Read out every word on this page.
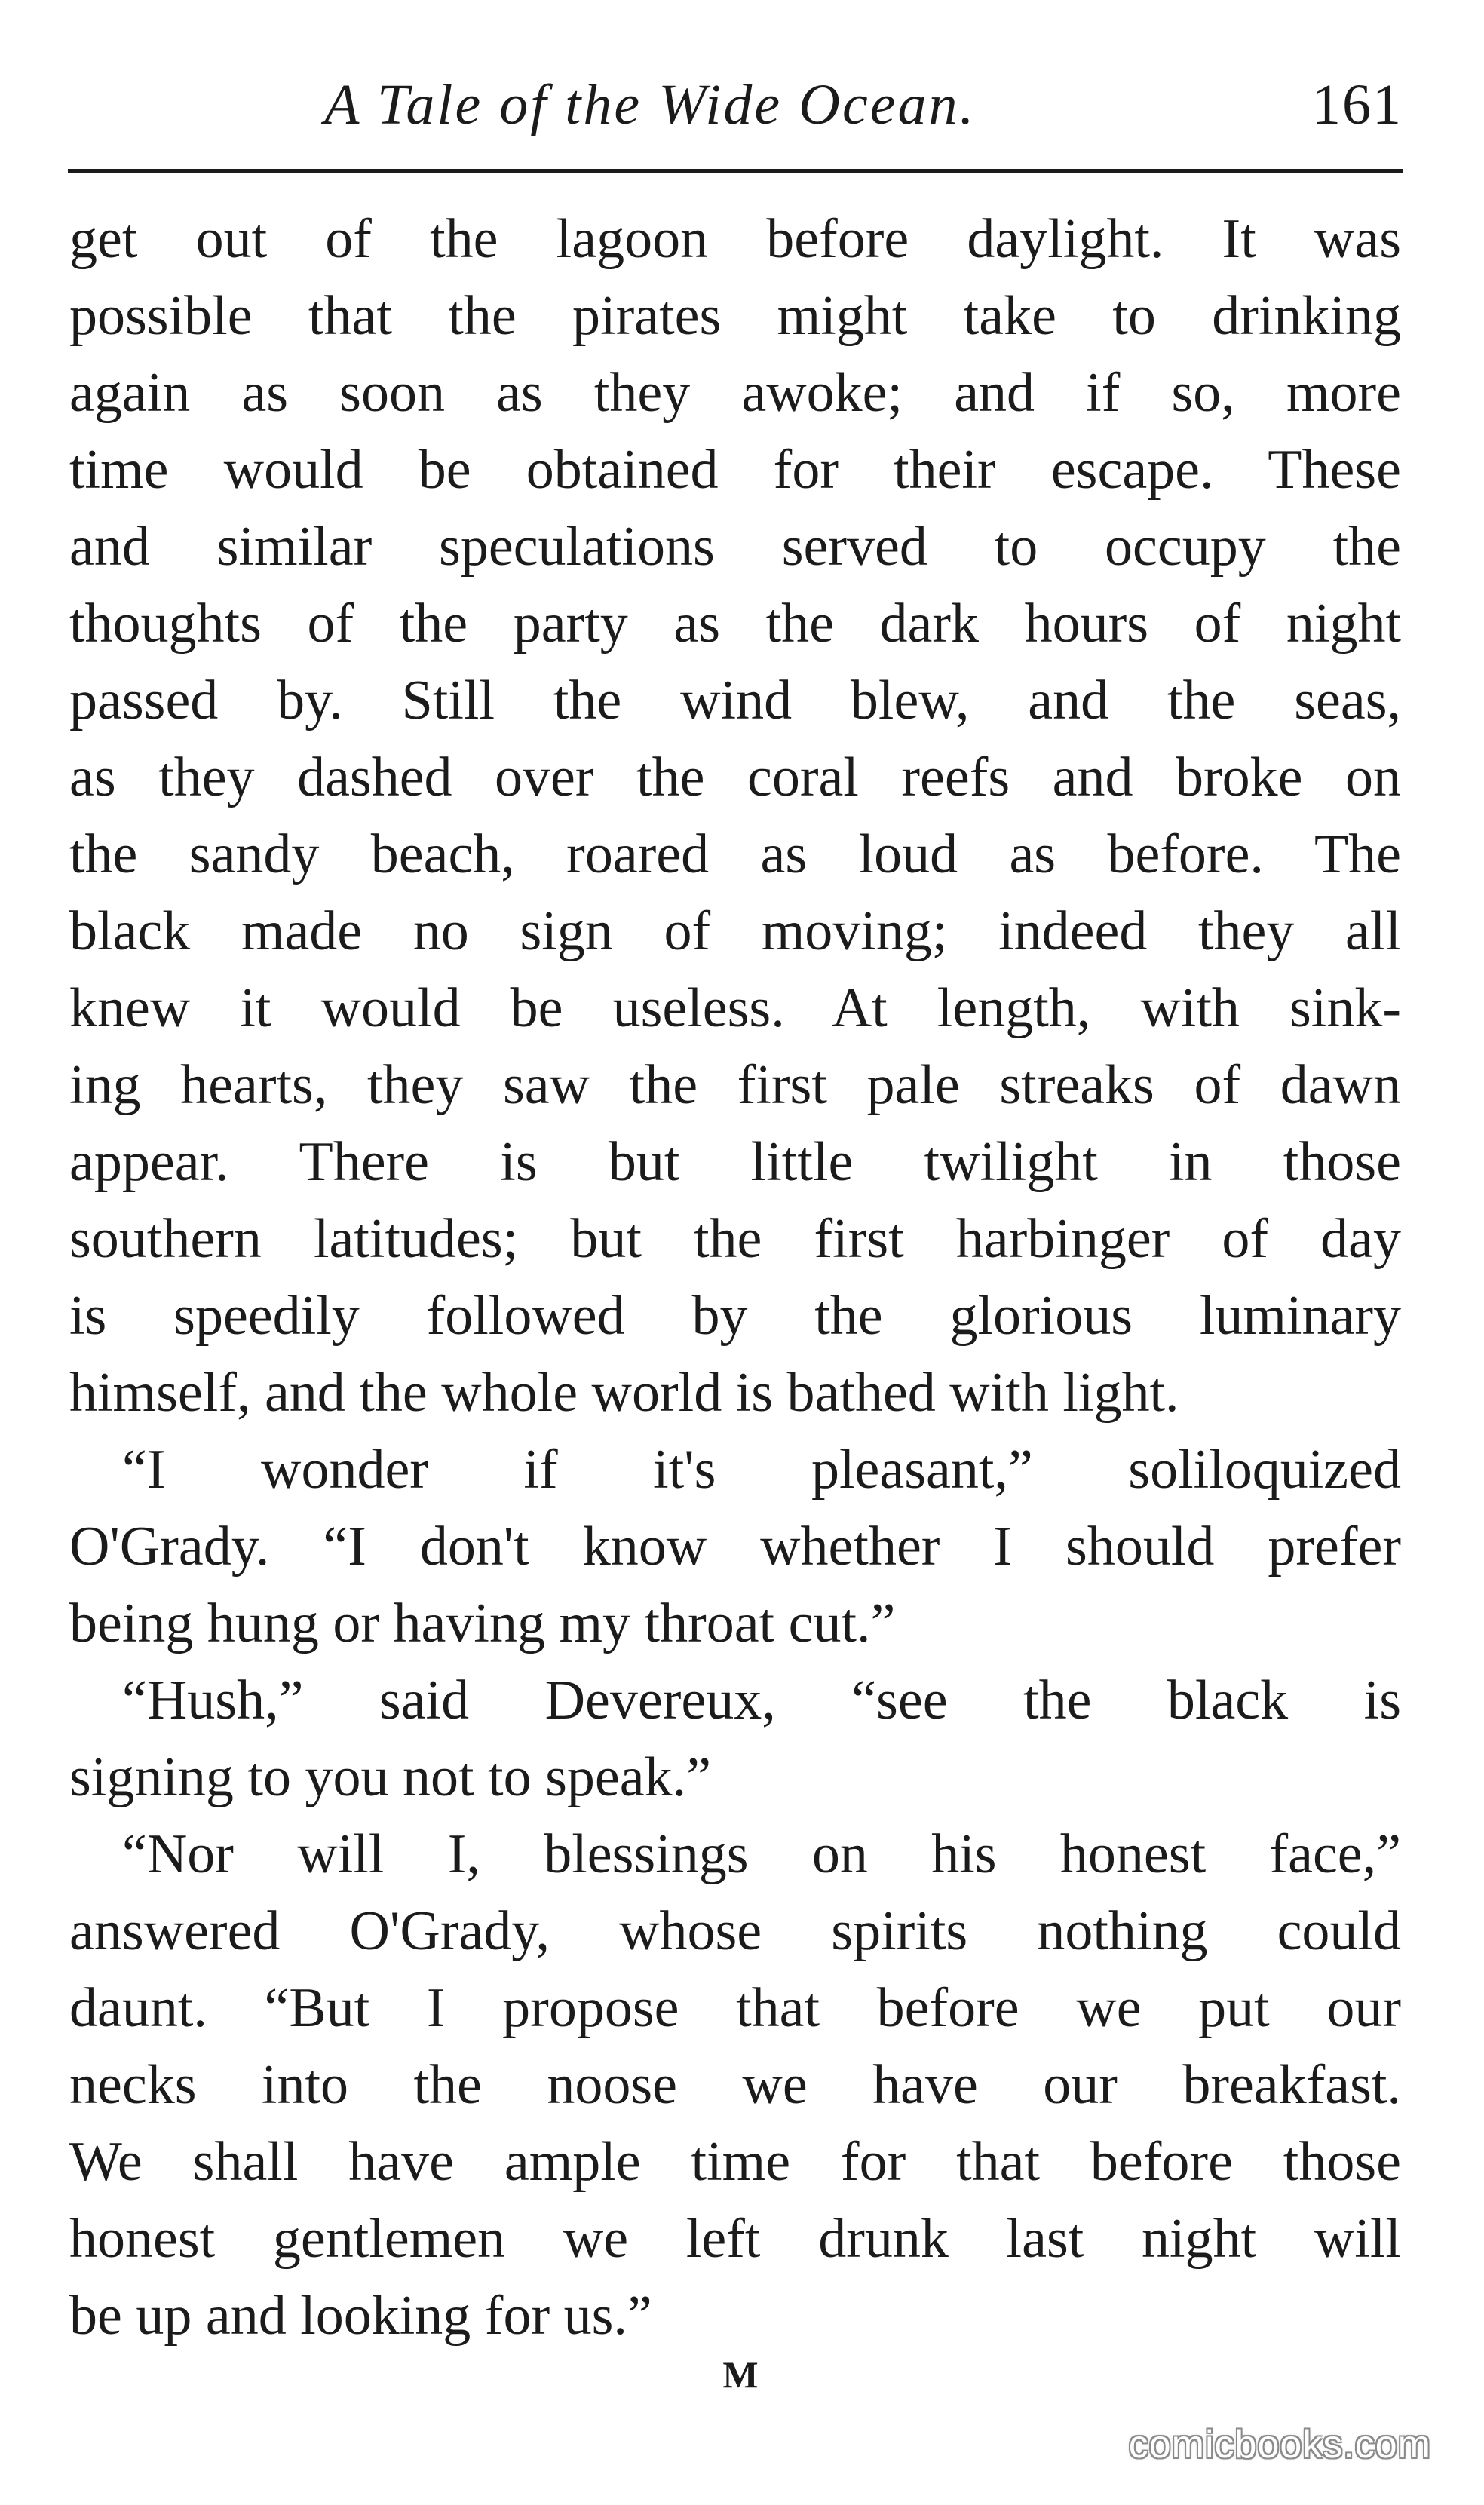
A Tale of the Wide Ocean.	161
get out of the lagoon before daylight. It was
possible that the pirates might take to drinking
again as soon as they awoke; and if so, more
time would be obtained for their escape. These
and similar speculations served to occupy the
thoughts of the party as the dark hours of night
passed by. Still the wind blew, and the seas,
as they dashed over the coral reefs and broke on
the sandy beach, roared as loud as before. The
black made no sign of moving; indeed they all
knew it would be useless. At length, with sink-
ing hearts, they saw the first pale streaks of dawn
appear. There is but little twilight in those
southern latitudes; but the first harbinger of day
is speedily followed by the glorious luminary
himself, and the whole world is bathed with light.
“I wonder if it's pleasant,” soliloquized
O'Grady. “I don't know whether I should prefer
being hung or having my throat cut.”
“Hush,” said Devereux, “see the black is
signing to you not to speak.”
“Nor will I, blessings on his honest face,”
answered O'Grady, whose spirits nothing could
daunt. “But I propose that before we put our
necks into the noose we have our breakfast.
We shall have ample time for that before those
honest gentlemen we left drunk last night will
be up and looking for us.”
M
comicbooks.com
